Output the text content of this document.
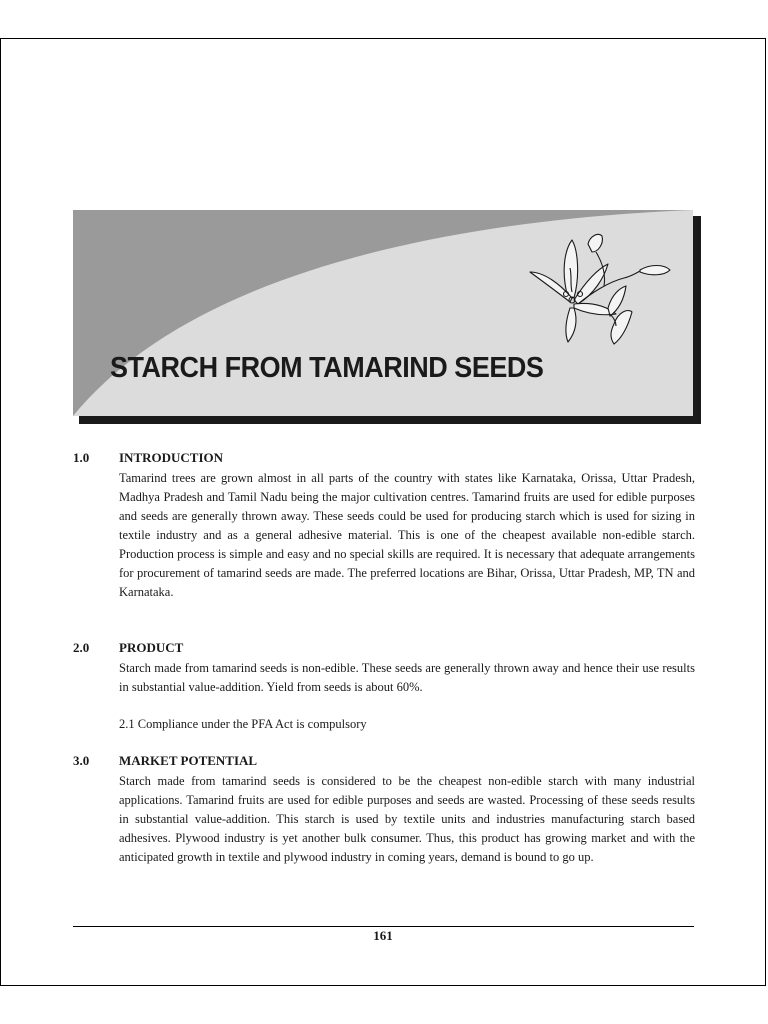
STARCH FROM TAMARIND SEEDS
1.0 INTRODUCTION

Tamarind trees are grown almost in all parts of the country with states like Karnataka, Orissa, Uttar Pradesh, Madhya Pradesh and Tamil Nadu being the major cultivation centres. Tamarind fruits are used for edible purposes and seeds are generally thrown away. These seeds could be used for producing starch which is used for sizing in textile industry and as a general adhesive material. This is one of the cheapest available non-edible starch. Production process is simple and easy and no special skills are required. It is necessary that adequate arrangements for procurement of tamarind seeds are made. The preferred locations are Bihar, Orissa, Uttar Pradesh, MP, TN and Karnataka.

2.0 PRODUCT

Starch made from tamarind seeds is non-edible. These seeds are generally thrown away and hence their use results in substantial value-addition. Yield from seeds is about 60%.

2.1 Compliance under the PFA Act is compulsory

3.0 MARKET POTENTIAL

Starch made from tamarind seeds is considered to be the cheapest non-edible starch with many industrial applications. Tamarind fruits are used for edible purposes and seeds are wasted. Processing of these seeds results in substantial value-addition. This starch is used by textile units and industries manufacturing starch based adhesives. Plywood industry is yet another bulk consumer. Thus, this product has growing market and with the anticipated growth in textile and plywood industry in coming years, demand is bound to go up.

161
